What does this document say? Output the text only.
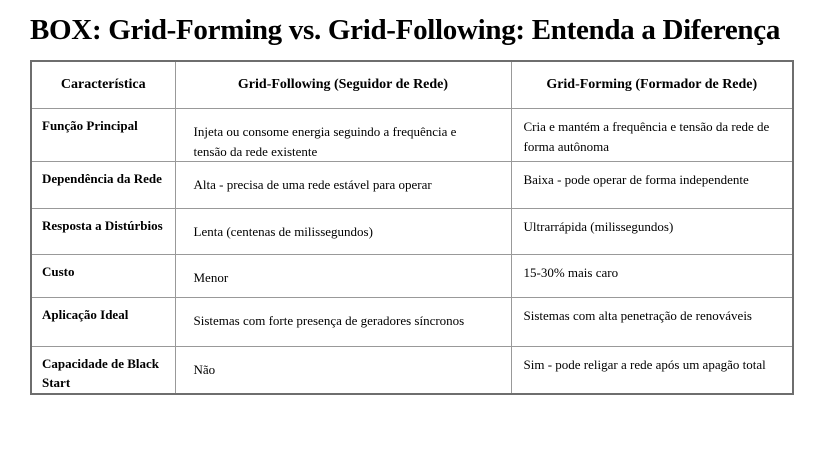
BOX: Grid-Forming vs. Grid-Following: Entenda a Diferença
Característica	Grid-Following (Seguidor de Rede)	Grid-Forming (Formador de Rede)
Função Principal	Injeta ou consome energia seguindo a frequência e tensão da rede existente	Cria e mantém a frequência e tensão da rede de forma autônoma
Dependência da Rede	Alta - precisa de uma rede estável para operar	Baixa - pode operar de forma independente
Resposta a Distúrbios	Lenta (centenas de milissegundos)	Ultrarrápida (milissegundos)
Custo	Menor	15-30% mais caro
Aplicação Ideal	Sistemas com forte presença de geradores síncronos	Sistemas com alta penetração de renováveis
Capacidade de Black Start	Não	Sim - pode religar a rede após um apagão total
